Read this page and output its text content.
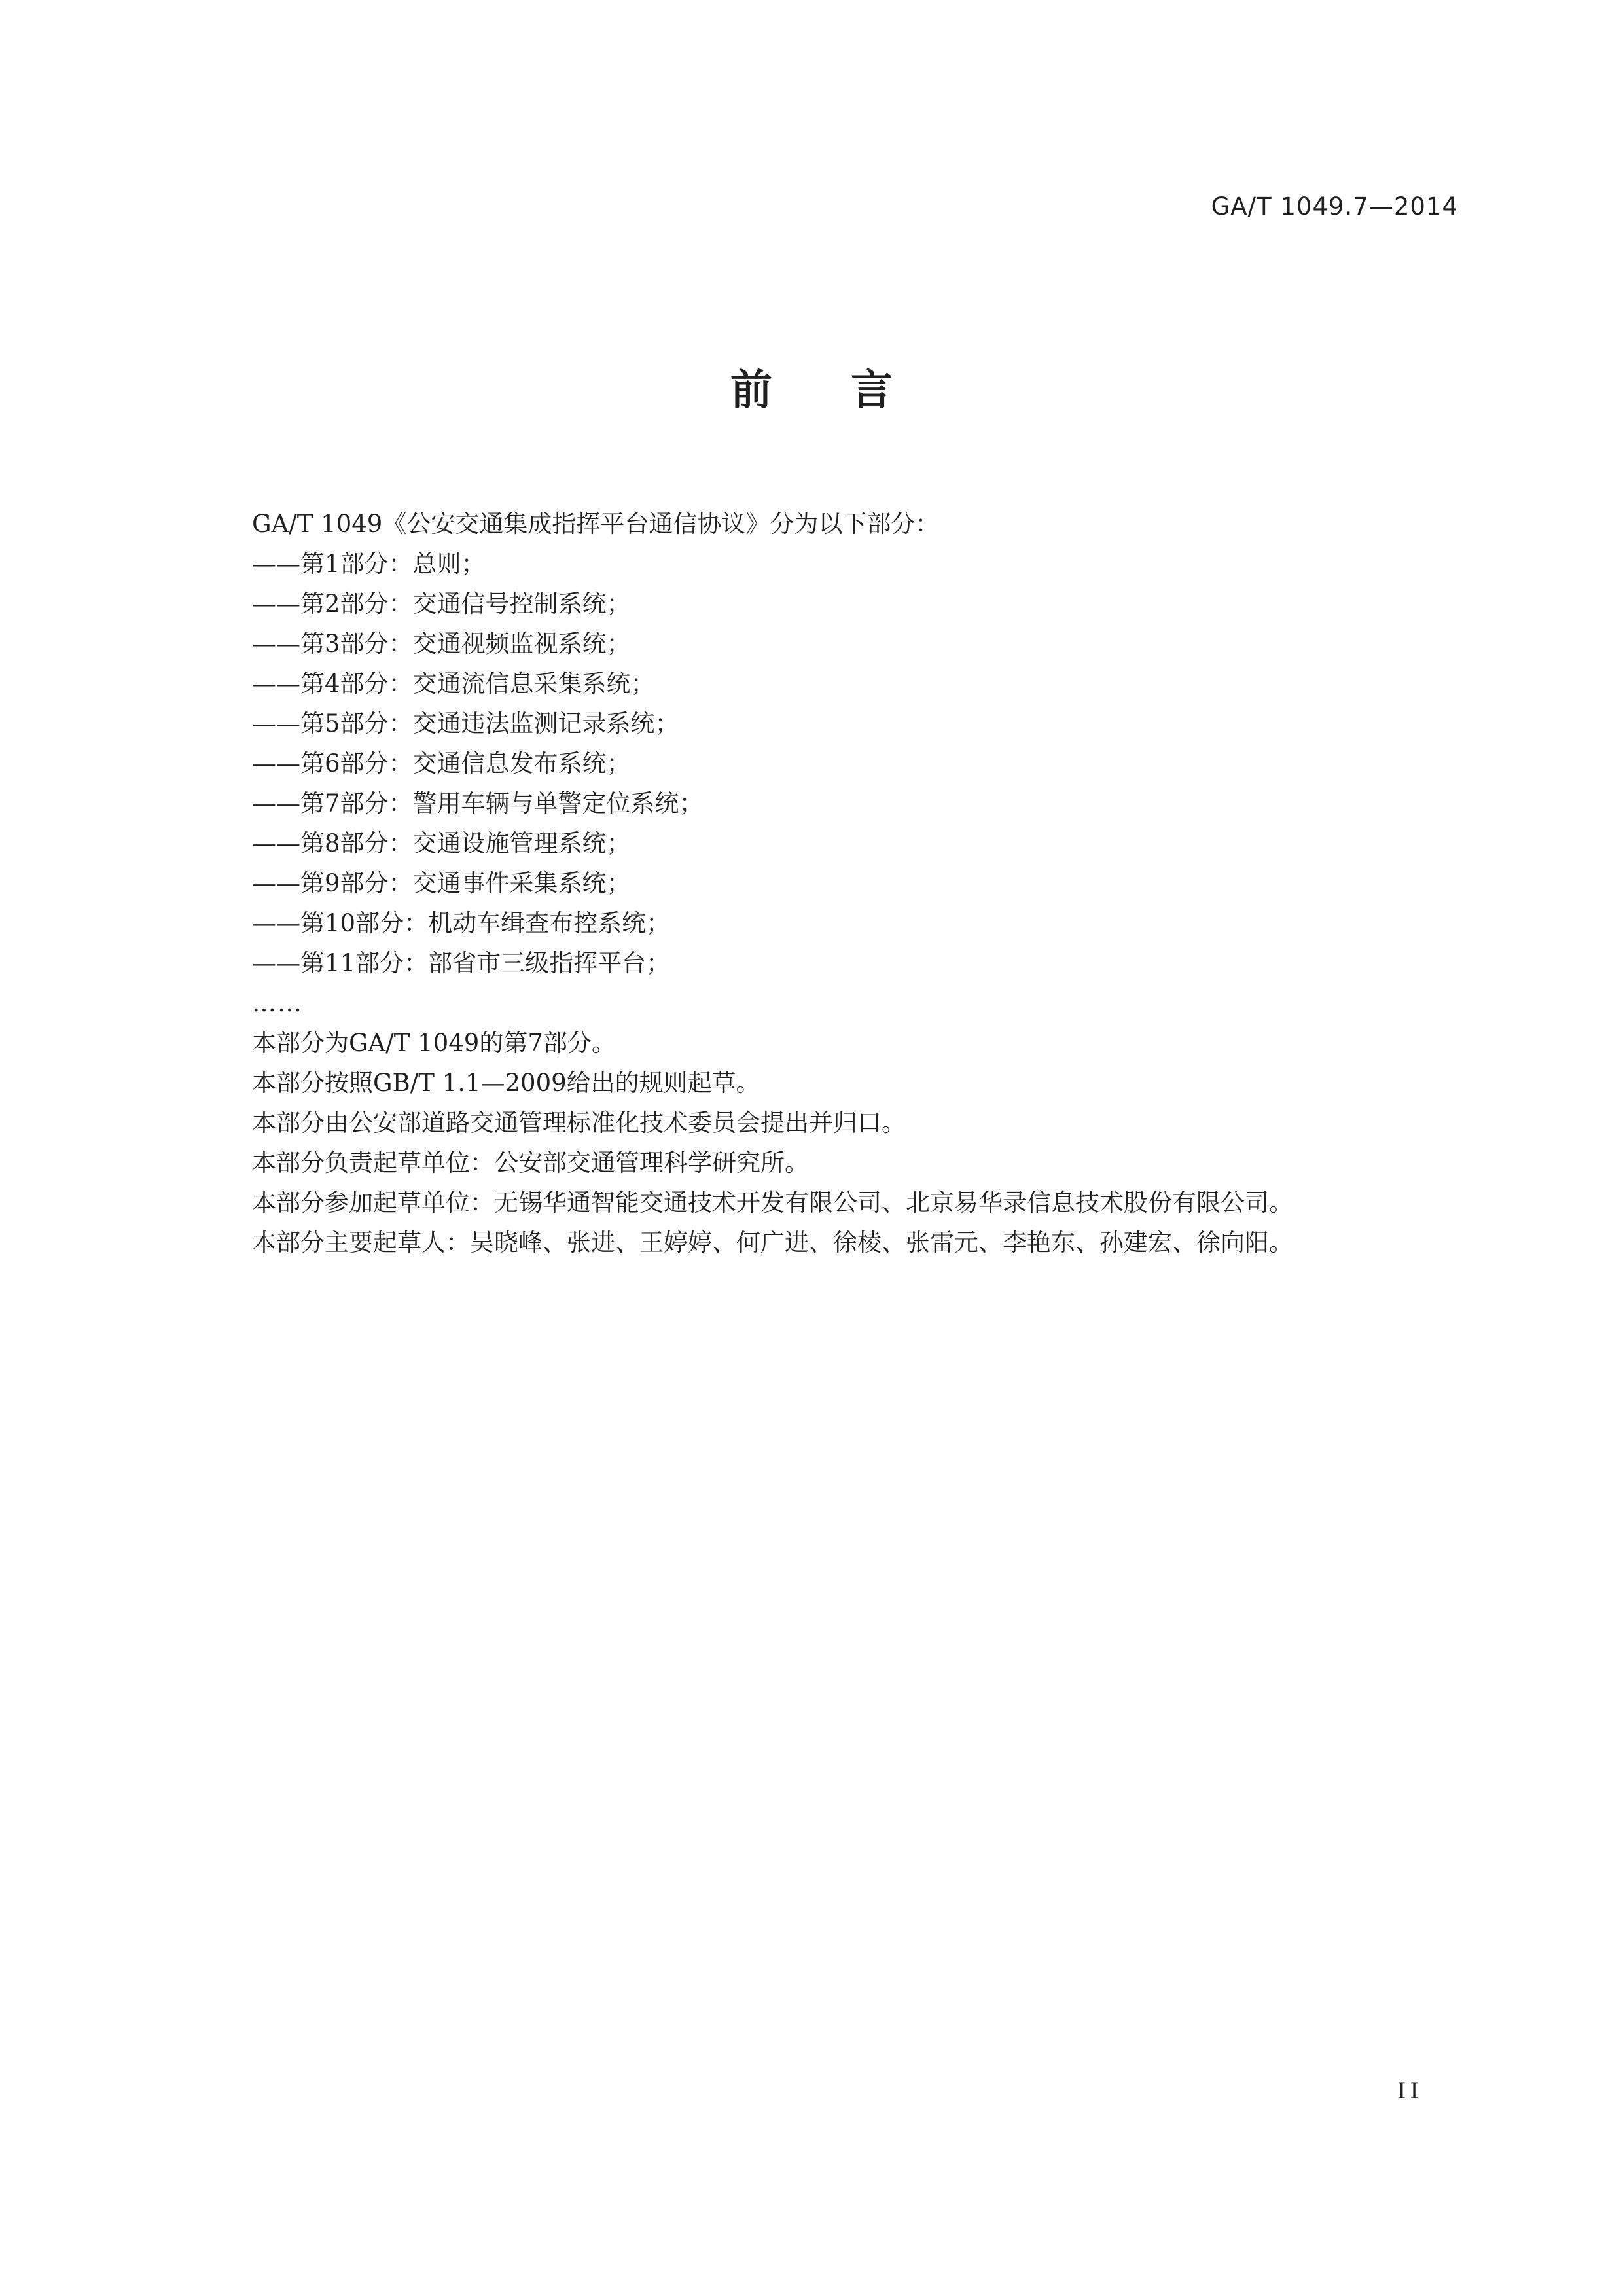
GA/T 1049.7—2014
前言
GA/T 1049《公安交通集成指挥平台通信协议》分为以下部分：
——第1部分：总则；
——第2部分：交通信号控制系统；
——第3部分：交通视频监视系统；
——第4部分：交通流信息采集系统；
——第5部分：交通违法监测记录系统；
——第6部分：交通信息发布系统；
——第7部分：警用车辆与单警定位系统；
——第8部分：交通设施管理系统；
——第9部分：交通事件采集系统；
——第10部分：机动车缉查布控系统；
——第11部分：部省市三级指挥平台；
……
本部分为GA/T 1049的第7部分。
本部分按照GB/T 1.1—2009给出的规则起草。
本部分由公安部道路交通管理标准化技术委员会提出并归口。
本部分负责起草单位：公安部交通管理科学研究所。
本部分参加起草单位：无锡华通智能交通技术开发有限公司、北京易华录信息技术股份有限公司。
本部分主要起草人：吴晓峰、张进、王婷婷、何广进、徐棱、张雷元、李艳东、孙建宏、徐向阳。
II
